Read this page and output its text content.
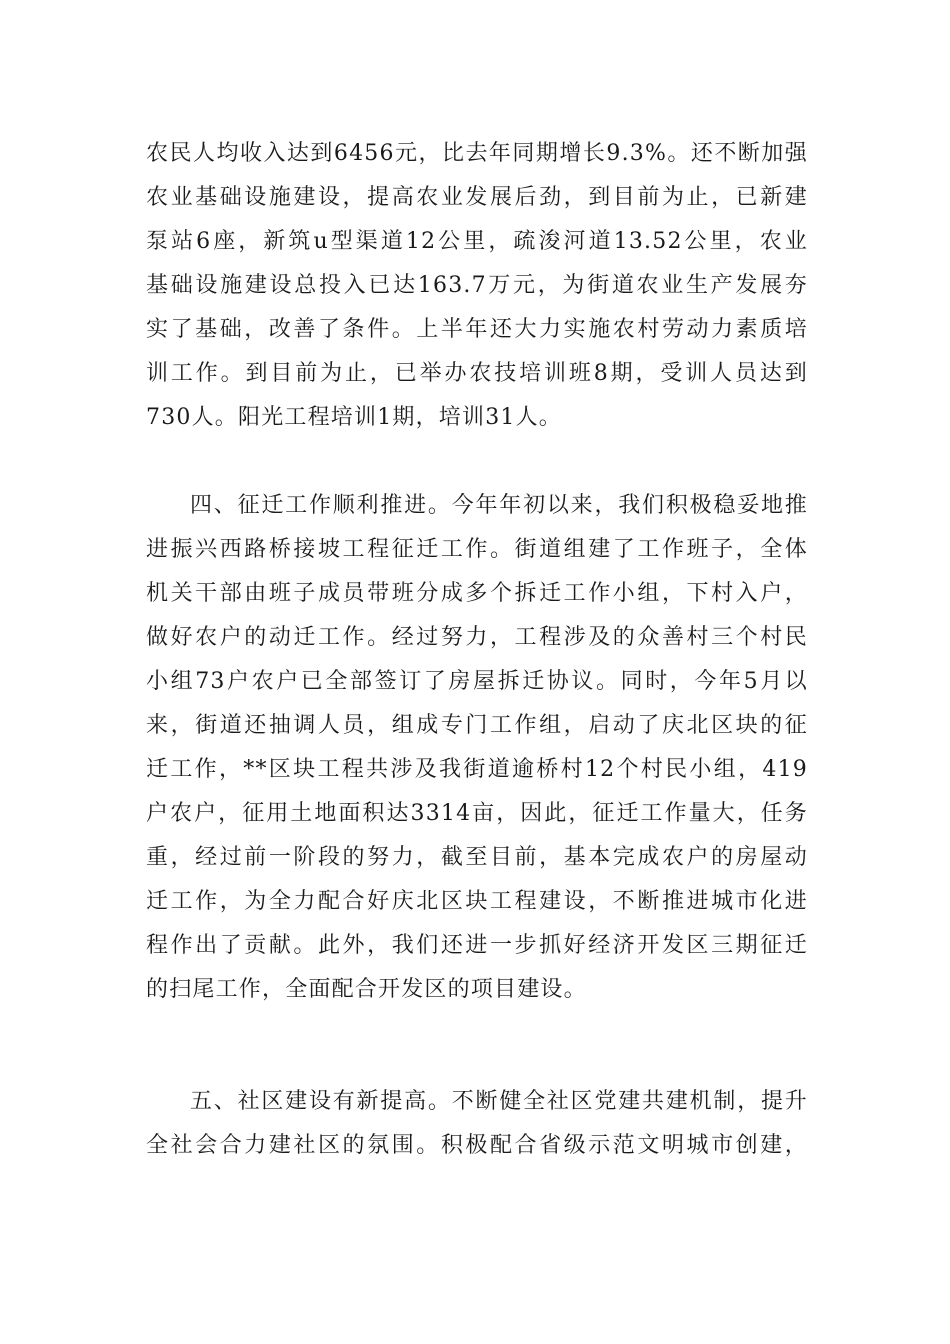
农民人均收入达到6456元，比去年同期增长9.3%。还不断加强
农业基础设施建设，提高农业发展后劲，到目前为止，已新建
泵站6座，新筑u型渠道12公里，疏浚河道13.52公里，农业
基础设施建设总投入已达163.7万元，为街道农业生产发展夯
实了基础，改善了条件。上半年还大力实施农村劳动力素质培
训工作。到目前为止，已举办农技培训班8期，受训人员达到
730人。阳光工程培训1期，培训31人。
四、征迁工作顺利推进。今年年初以来，我们积极稳妥地推
进振兴西路桥接坡工程征迁工作。街道组建了工作班子，全体
机关干部由班子成员带班分成多个拆迁工作小组，下村入户，
做好农户的动迁工作。经过努力，工程涉及的众善村三个村民
小组73户农户已全部签订了房屋拆迁协议。同时，今年5月以
来，街道还抽调人员，组成专门工作组，启动了庆北区块的征
迁工作，**区块工程共涉及我街道逾桥村12个村民小组，419
户农户，征用土地面积达3314亩，因此，征迁工作量大，任务
重，经过前一阶段的努力，截至目前，基本完成农户的房屋动
迁工作，为全力配合好庆北区块工程建设，不断推进城市化进
程作出了贡献。此外，我们还进一步抓好经济开发区三期征迁
的扫尾工作，全面配合开发区的项目建设。
五、社区建设有新提高。不断健全社区党建共建机制，提升
全社会合力建社区的氛围。积极配合省级示范文明城市创建，
